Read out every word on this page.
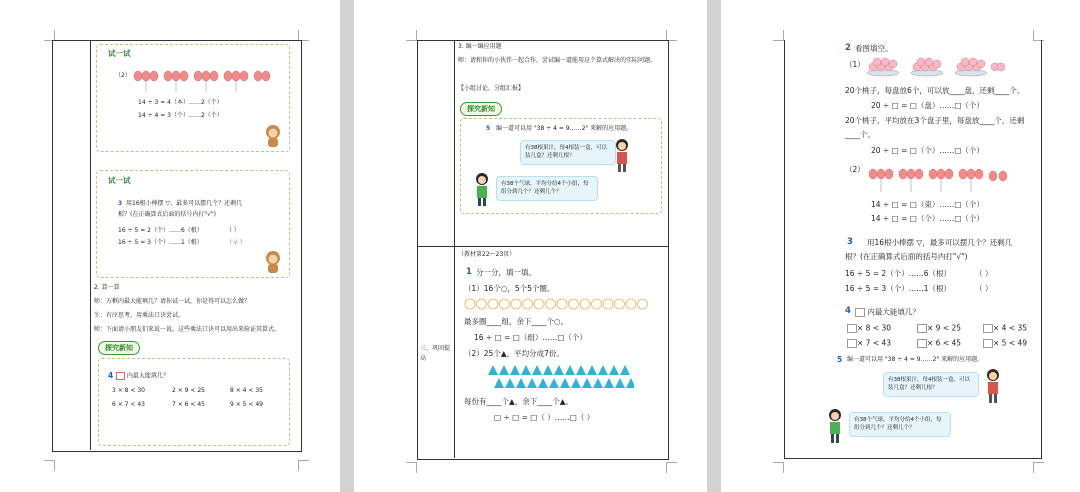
试一试
（2）
14 ÷ 3 = 4（本）……2（个）
14 ÷ 4 = 3（个）……2（个）
试一试
3 用16根小棒摆 ▽，最多可以摆几个？还剩几
根？(在正确算式后面的括号内打"√")
16 ÷ 5 = 2（个）……6（根）	（ ）
16 ÷ 5 = 3（个）……1（根）	（ √ ）
2. 算一算
师：方框内最大能填几？请你试一试，你是得可以怎么做？
生：有序思考，用乘法口诀尝试。
师：下面请小朋友们来说一说，这些乘法口诀可以用出来验证其算式。
探究新知
4	内最大能填几？
3 × 8 < 30	2 × 9 < 25	8 × 4 < 35
6 × 7 < 43	7 × 6 < 45	9 × 5 < 49
3. 编一编应用题
师：请和你的小伙伴一起合作，尝试编一道能用这个算式解决的实际问题。
【小组讨论，分组汇报】
探究新知
5 编一道可以用 "38 ÷ 4 = 9……2" 来解的应用题。
有38根果汁，每4根装一盒，可以装几盒？还剩几根？
有38个气球，平均分给4个小组，每组分到几个？还剩几个？
三、巩固提高
（教材第22～23页）
1 分一分，填一填。
（1）16个○，5个5个圈。
最多圈____组，余下____个○。
16 ÷ □ = □（组）……□（个）
（2）25个▲，平均分成7份。
每份有____个▲，余下____个▲。
□ ÷ □ = □（ ）……□（ ）
2 看图填空。
（1）
20个桃子，每盘放6个，可以放____盘，还剩____个。
20 ÷ □ = □（盘）……□（个）
20个桃子，平均放在3个盘子里，每盘放____个，还剩
____个。
20 ÷ □ = □（个）……□（个）
（2）
14 ÷ □ = □（束）……□（个）
14 ÷ □ = □（个）……□（个）
3 用16根小棒摆 ▽，最多可以摆几个？还剩几
根？(在正确算式后面的括号内打"√")
16 ÷ 5 = 2（个）……6（根）	（ ）
16 ÷ 5 = 3（个）……1（根）	（ ）
4	内最大能填几？
× 8 < 30	× 9 < 25	× 4 < 35
× 7 < 43	× 6 < 45	× 5 < 49
5 编一道可以用 "38 ÷ 4 = 9……2" 来解的应用题。
有38根果汁，每4根装一盒，可以装几盒？还剩几根？
有38个气球，平均分给4个小组，每组分到几个？还剩几个？
